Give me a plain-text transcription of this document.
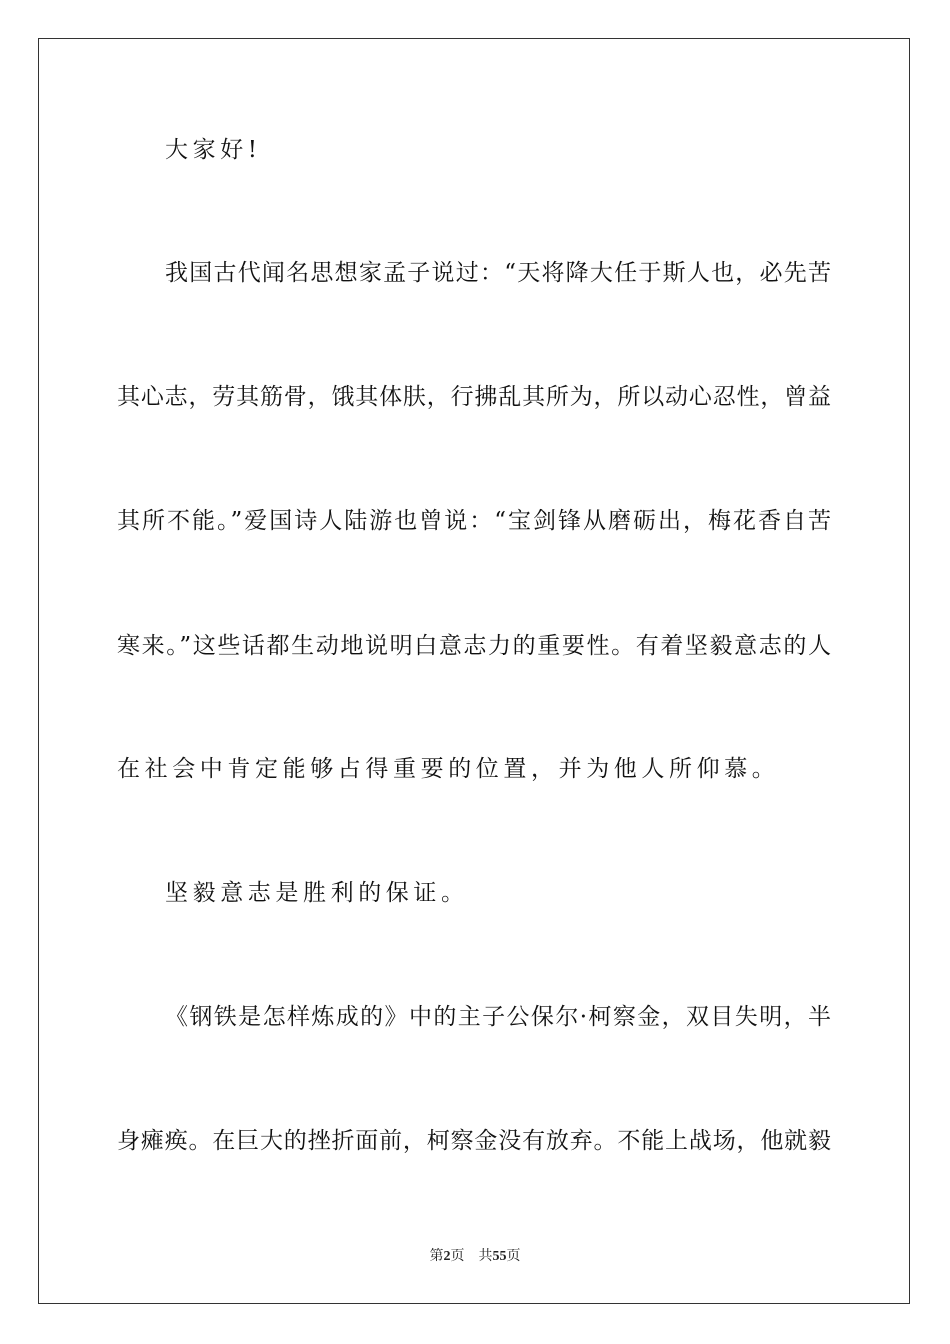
大家好!
我国古代闻名思想家孟子说过：“天将降大任于斯人也，必先苦
其心志，劳其筋骨，饿其体肤，行拂乱其所为，所以动心忍性，曾益
其所不能。”爱国诗人陆游也曾说：“宝剑锋从磨砺出，梅花香自苦
寒来。”这些话都生动地说明白意志力的重要性。有着坚毅意志的人
在社会中肯定能够占得重要的位置，并为他人所仰慕。
坚毅意志是胜利的保证。
《钢铁是怎样炼成的》中的主子公保尔·柯察金，双目失明，半
身瘫痪。在巨大的挫折面前，柯察金没有放弃。不能上战场，他就毅
第2页 共55页
